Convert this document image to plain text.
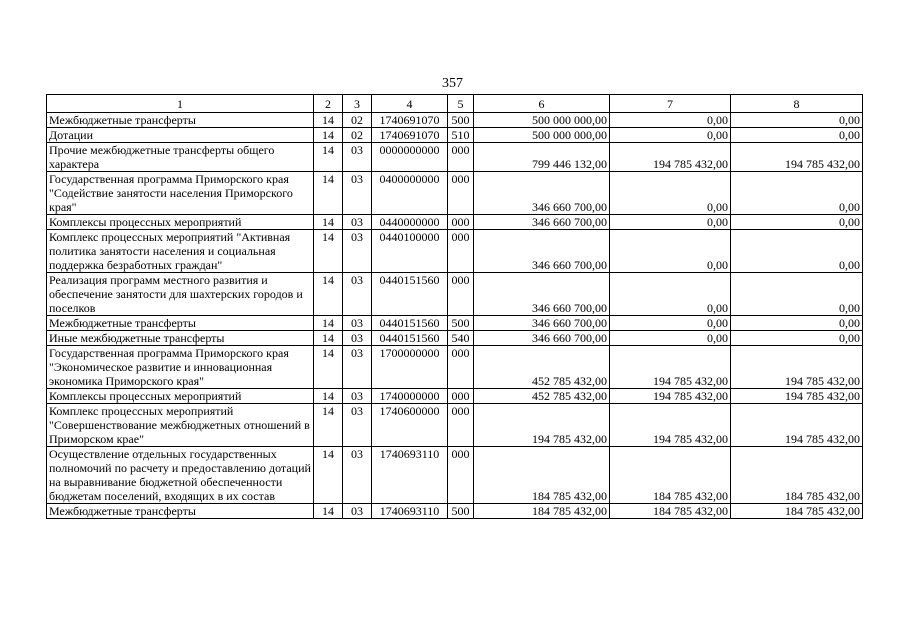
357
1	2	3	4	5	6	7	8
Межбюджетные трансферты	14	02	1740691070	500	500 000 000,00	0,00	0,00
Дотации	14	02	1740691070	510	500 000 000,00	0,00	0,00
Прочие межбюджетные трансферты общего характера	14	03	0000000000	000	799 446 132,00	194 785 432,00	194 785 432,00
Государственная программа Приморского края "Содействие занятости населения Приморского края"	14	03	0400000000	000	346 660 700,00	0,00	0,00
Комплексы процессных мероприятий	14	03	0440000000	000	346 660 700,00	0,00	0,00
Комплекс процессных мероприятий "Активная политика занятости населения и социальная поддержка безработных граждан"	14	03	0440100000	000	346 660 700,00	0,00	0,00
Реализация программ местного развития и обеспечение занятости для шахтерских городов и поселков	14	03	0440151560	000	346 660 700,00	0,00	0,00
Межбюджетные трансферты	14	03	0440151560	500	346 660 700,00	0,00	0,00
Иные межбюджетные трансферты	14	03	0440151560	540	346 660 700,00	0,00	0,00
Государственная программа Приморского края "Экономическое развитие и инновационная экономика Приморского края"	14	03	1700000000	000	452 785 432,00	194 785 432,00	194 785 432,00
Комплексы процессных мероприятий	14	03	1740000000	000	452 785 432,00	194 785 432,00	194 785 432,00
Комплекс процессных мероприятий "Совершенствование межбюджетных отношений в Приморском крае"	14	03	1740600000	000	194 785 432,00	194 785 432,00	194 785 432,00
Осуществление отдельных государственных полномочий по расчету и предоставлению дотаций на выравнивание бюджетной обеспеченности бюджетам поселений, входящих в их состав	14	03	1740693110	000	184 785 432,00	184 785 432,00	184 785 432,00
Межбюджетные трансферты	14	03	1740693110	500	184 785 432,00	184 785 432,00	184 785 432,00
